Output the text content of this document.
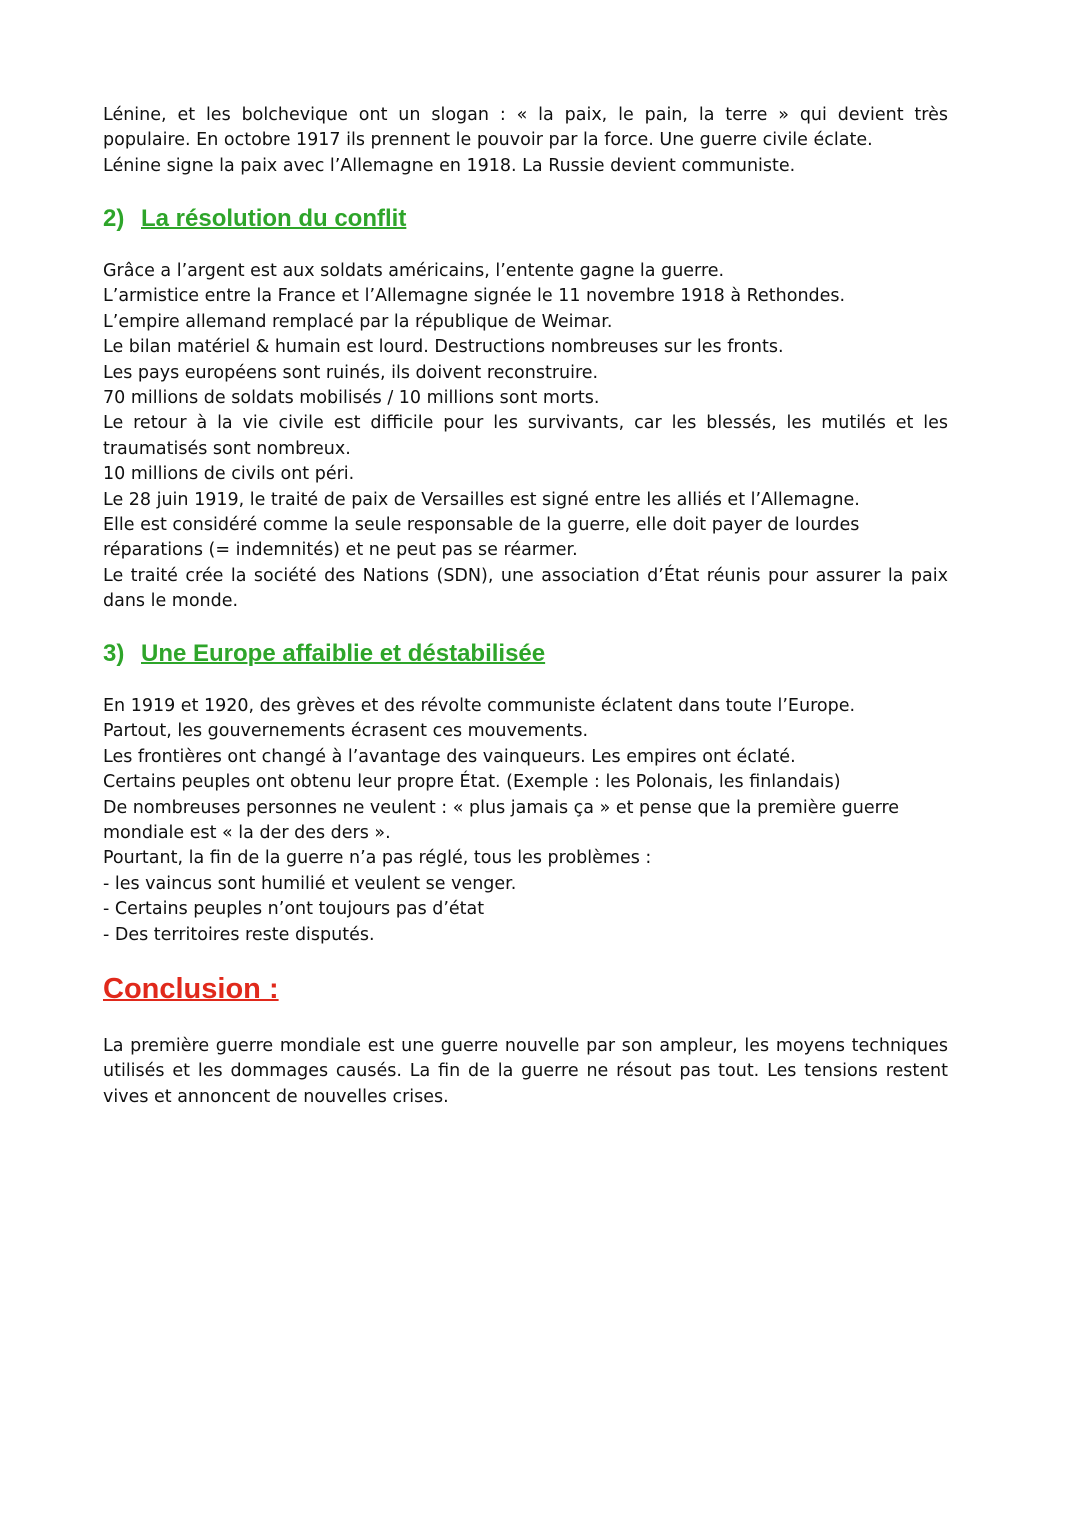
Lénine, et les bolchevique ont un slogan : « la paix, le pain, la terre » qui devient très
populaire. En octobre 1917 ils prennent le pouvoir par la force. Une guerre civile éclate.
Lénine signe la paix avec l’Allemagne en 1918. La Russie devient communiste.
2) La résolution du conflit
Grâce a l’argent est aux soldats américains, l’entente gagne la guerre.
L’armistice entre la France et l’Allemagne signée le 11 novembre 1918 à Rethondes.
L’empire allemand remplacé par la république de Weimar.
Le bilan matériel & humain est lourd. Destructions nombreuses sur les fronts.
Les pays européens sont ruinés, ils doivent reconstruire.
70 millions de soldats mobilisés / 10 millions sont morts.
Le retour à la vie civile est difficile pour les survivants, car les blessés, les mutilés et les
traumatisés sont nombreux.
10 millions de civils ont péri.
Le 28 juin 1919, le traité de paix de Versailles est signé entre les alliés et l’Allemagne.
Elle est considéré comme la seule responsable de la guerre, elle doit payer de lourdes
réparations (= indemnités) et ne peut pas se réarmer.
Le traité crée la société des Nations (SDN), une association d’État réunis pour assurer la paix
dans le monde.
3) Une Europe affaiblie et déstabilisée
En 1919 et 1920, des grèves et des révolte communiste éclatent dans toute l’Europe.
Partout, les gouvernements écrasent ces mouvements.
Les frontières ont changé à l’avantage des vainqueurs. Les empires ont éclaté.
Certains peuples ont obtenu leur propre État. (Exemple : les Polonais, les finlandais)
De nombreuses personnes ne veulent : « plus jamais ça » et pense que la première guerre
mondiale est « la der des ders ».
Pourtant, la fin de la guerre n’a pas réglé, tous les problèmes :
- les vaincus sont humilié et veulent se venger.
- Certains peuples n’ont toujours pas d’état
- Des territoires reste disputés.
Conclusion :
La première guerre mondiale est une guerre nouvelle par son ampleur, les moyens techniques
utilisés et les dommages causés. La fin de la guerre ne résout pas tout. Les tensions restent
vives et annoncent de nouvelles crises.
